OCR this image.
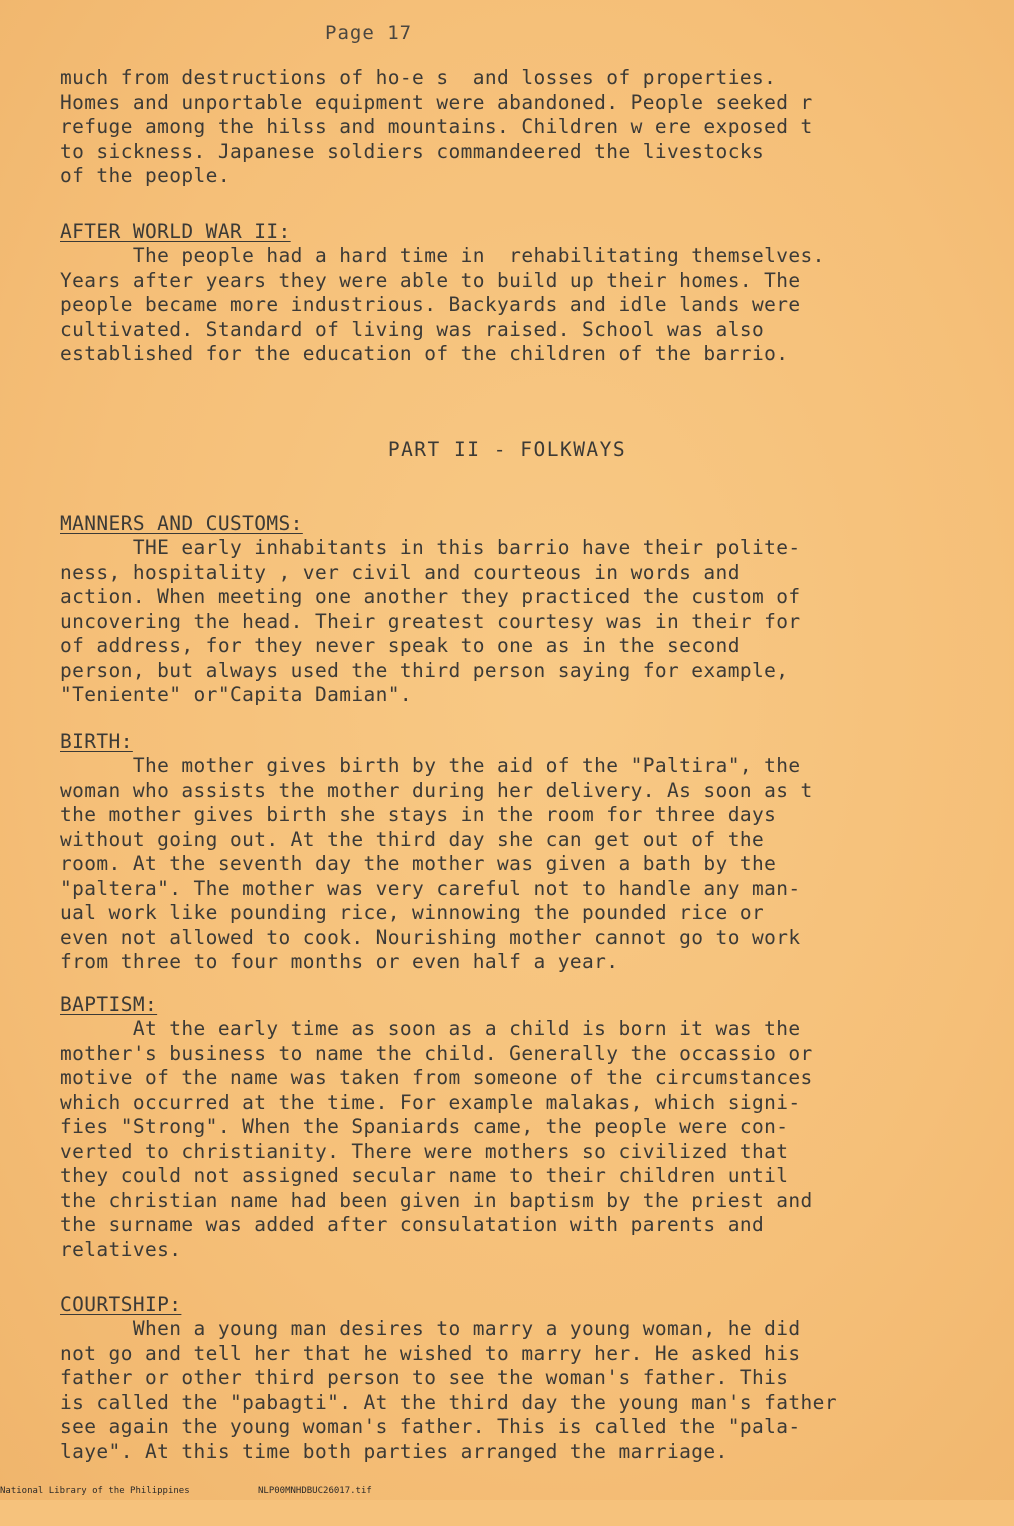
Page 17

much from destructions of ho-e s  and losses of properties.

Homes and unportable equipment were abandoned. People seeked r

refuge among the hilss and mountains. Children w ere exposed t

to sickness. Japanese soldiers commandeered the livestocks

of the people.

AFTER WORLD WAR II:

The people had a hard time in  rehabilitating themselves.

Years after years they were able to build up their homes. The

people became more industrious. Backyards and idle lands were

cultivated. Standard of living was raised. School was also

established for the education of the children of the barrio.

PART II - FOLKWAYS
MANNERS AND CUSTOMS:

THE early inhabitants in this barrio have their polite-

ness, hospitality , ver civil and courteous in words and

action. When meeting one another they practiced the custom of

uncovering the head. Their greatest courtesy was in their for

of address, for they never speak to one as in the second

person, but always used the third person saying for example,

"Teniente" or"Capita Damian".

BIRTH:

The mother gives birth by the aid of the "Paltira", the

woman who assists the mother during her delivery. As soon as t

the mother gives birth she stays in the room for three days

without going out. At the third day she can get out of the

room. At the seventh day the mother was given a bath by the

"paltera". The mother was very careful not to handle any man-

ual work like pounding rice, winnowing the pounded rice or

even not allowed to cook. Nourishing mother cannot go to work

from three to four months or even half a year.

BAPTISM:

At the early time as soon as a child is born it was the

mother's business to name the child. Generally the occassio or

motive of the name was taken from someone of the circumstances

which occurred at the time. For example malakas, which signi-

fies "Strong". When the Spaniards came, the people were con-

verted to christianity. There were mothers so civilized that

they could not assigned secular name to their children until

the christian name had been given in baptism by the priest and

the surname was added after consulatation with parents and

relatives.

COURTSHIP:

When a young man desires to marry a young woman, he did

not go and tell her that he wished to marry her. He asked his

father or other third person to see the woman's father. This

is called the "pabagti". At the third day the young man's father

see again the young woman's father. This is called the "pala-

laye". At this time both parties arranged the marriage.

National Library of the Philippines

	NLP00MNHDBUC26017.tif
